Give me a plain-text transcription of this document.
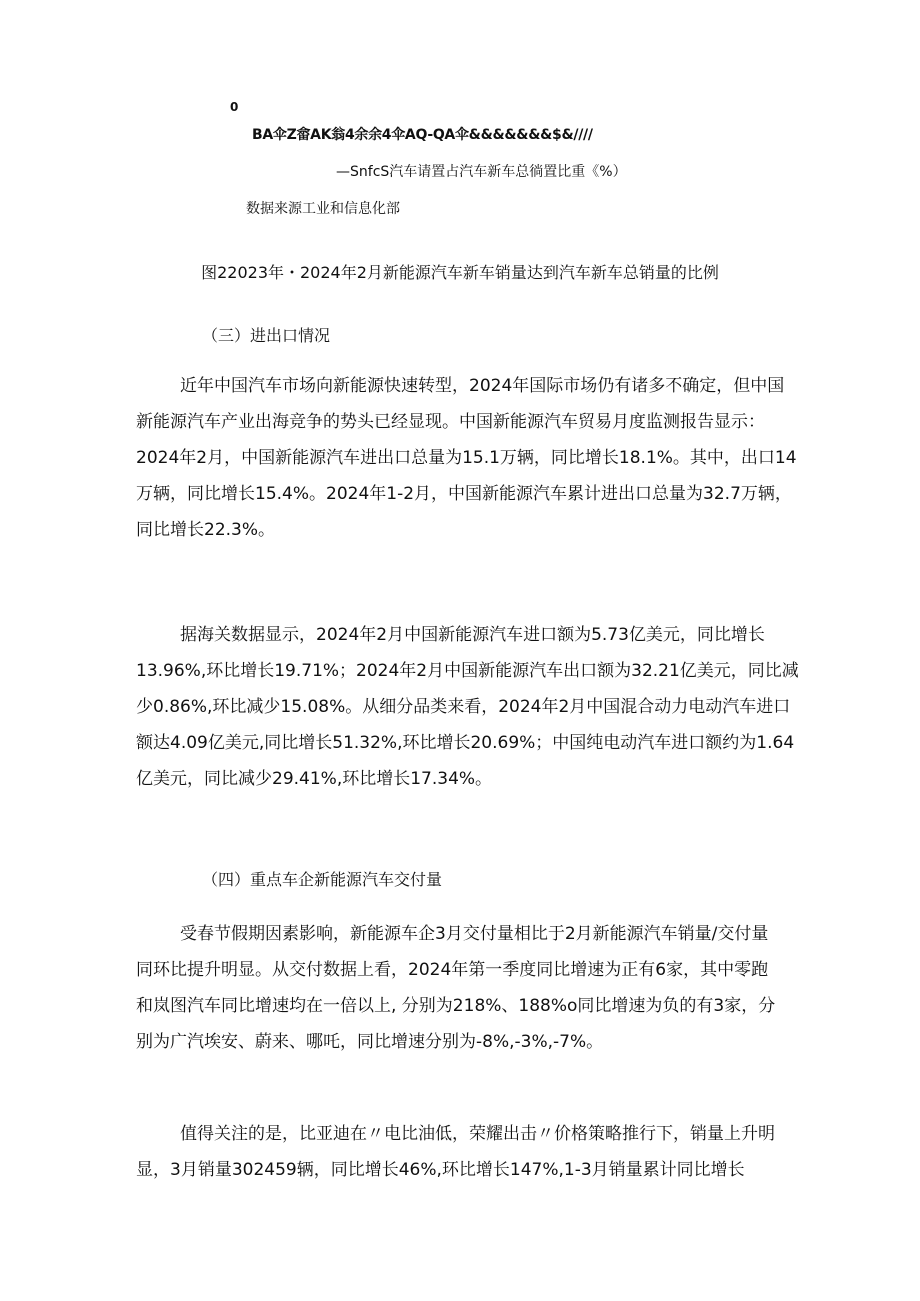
0
BA伞Z畲AK翁4余余4伞AQ-QA伞&&&&&&&$&////
—SnfcS汽车请置占汽车新车总徜置比重《%）
数据来源工业和信息化部
图22023年・2024年2月新能源汽车新车销量达到汽车新车总销量的比例
（三）进出口情况
近年中国汽车市场向新能源快速转型，2024年国际市场仍有诸多不确定，但中国
新能源汽车产业出海竞争的势头已经显现。中国新能源汽车贸易月度监测报告显示：
2024年2月，中国新能源汽车进出口总量为15.1万辆，同比增长18.1%。其中，出口14
万辆，同比增长15.4%。2024年1-2月，中国新能源汽车累计进出口总量为32.7万辆，
同比增长22.3%。
据海关数据显示，2024年2月中国新能源汽车进口额为5.73亿美元，同比增长
13.96%,环比增长19.71%；2024年2月中国新能源汽车出口额为32.21亿美元，同比减
少0.86%,环比减少15.08%。从细分品类来看，2024年2月中国混合动力电动汽车进口
额达4.09亿美元,同比增长51.32%,环比增长20.69%；中国纯电动汽车进口额约为1.64
亿美元，同比减少29.41%,环比增长17.34%。
（四）重点车企新能源汽车交付量
受春节假期因素影响，新能源车企3月交付量相比于2月新能源汽车销量/交付量
同环比提升明显。从交付数据上看，2024年第一季度同比增速为正有6家，其中零跑
和岚图汽车同比增速均在一倍以上, 分别为218%、188%o同比增速为负的有3家，分
别为广汽埃安、蔚来、哪吒，同比增速分别为-8%,-3%,-7%。
值得关注的是，比亚迪在〃电比油低，荣耀出击〃价格策略推行下，销量上升明
显，3月销量302459辆，同比增长46%,环比增长147%,1-3月销量累计同比增长
